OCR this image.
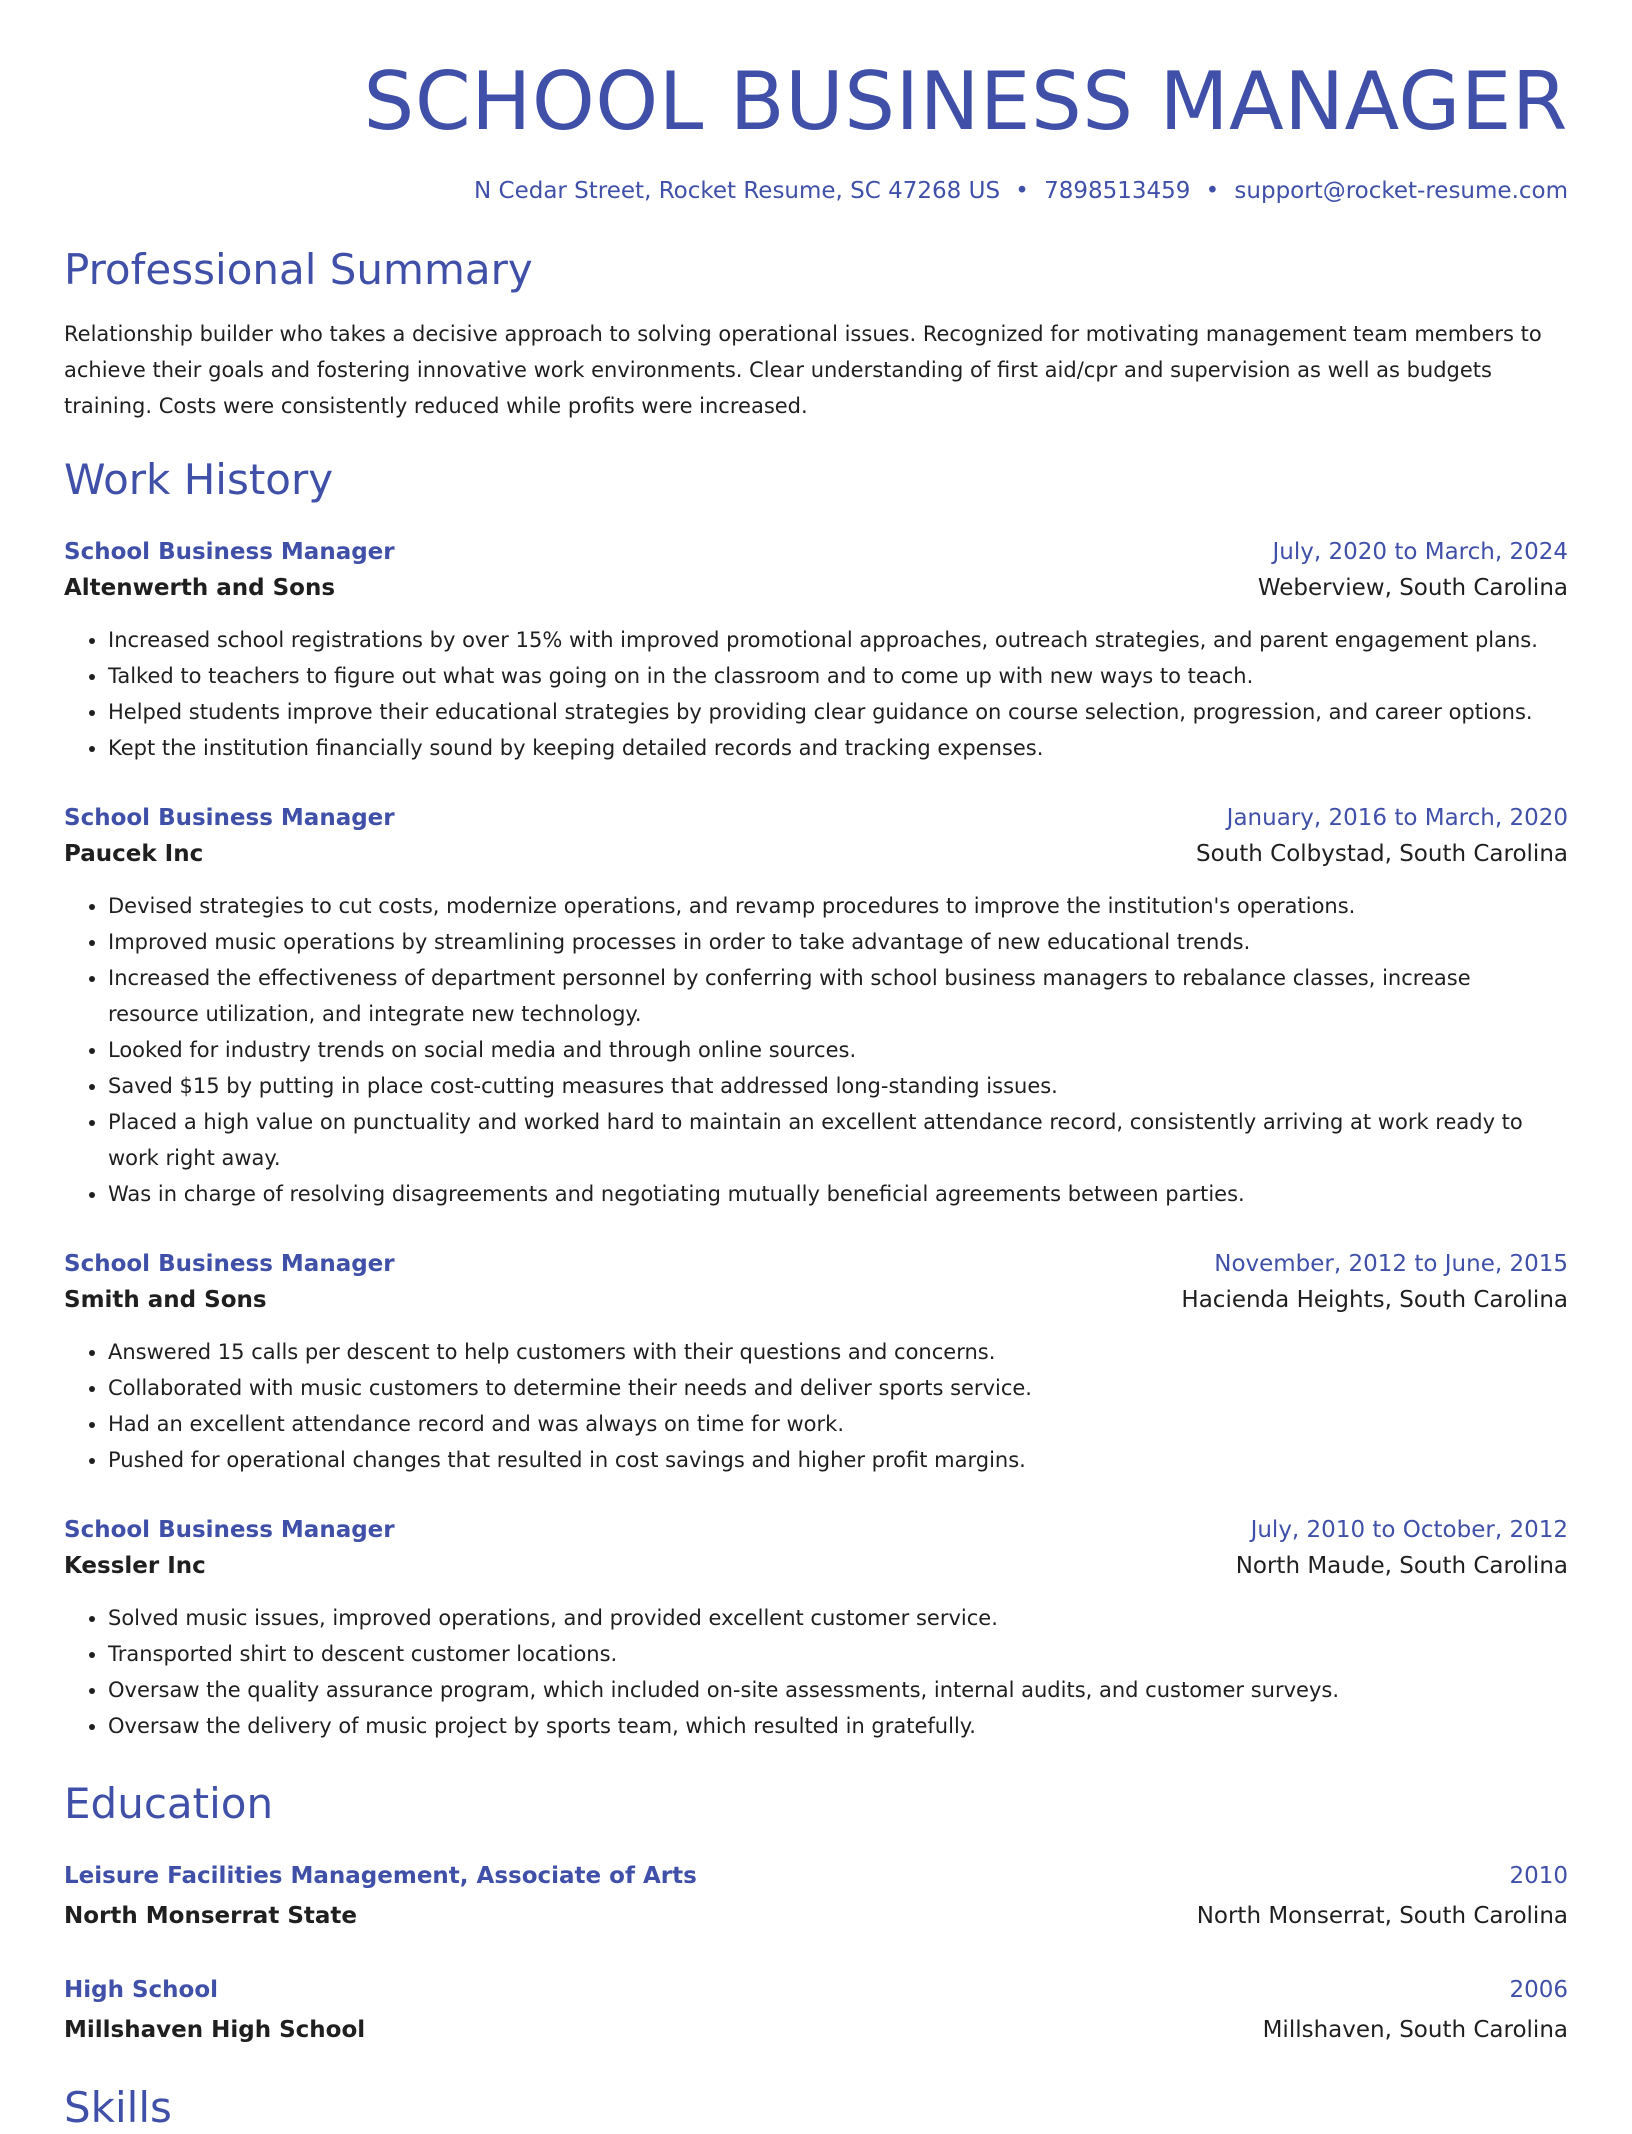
SCHOOL BUSINESS MANAGER
N Cedar Street, Rocket Resume, SC 47268 US • 7898513459 • support@rocket-resume.com
Professional Summary

Relationship builder who takes a decisive approach to solving operational issues. Recognized for motivating management team members to achieve their goals and fostering innovative work environments. Clear understanding of first aid/cpr and supervision as well as budgets training. Costs were consistently reduced while profits were increased.

Work History
School Business Manager	July, 2020 to March, 2024
Altenwerth and Sons	Weberview, South Carolina
• Increased school registrations by over 15% with improved promotional approaches, outreach strategies, and parent engagement plans.
• Talked to teachers to figure out what was going on in the classroom and to come up with new ways to teach.
• Helped students improve their educational strategies by providing clear guidance on course selection, progression, and career options.
• Kept the institution financially sound by keeping detailed records and tracking expenses.
School Business Manager	January, 2016 to March, 2020
Paucek Inc	South Colbystad, South Carolina
• Devised strategies to cut costs, modernize operations, and revamp procedures to improve the institution's operations.
• Improved music operations by streamlining processes in order to take advantage of new educational trends.
• Increased the effectiveness of department personnel by conferring with school business managers to rebalance classes, increase resource utilization, and integrate new technology.
• Looked for industry trends on social media and through online sources.
• Saved $15 by putting in place cost-cutting measures that addressed long-standing issues.
• Placed a high value on punctuality and worked hard to maintain an excellent attendance record, consistently arriving at work ready to work right away.
• Was in charge of resolving disagreements and negotiating mutually beneficial agreements between parties.
School Business Manager	November, 2012 to June, 2015
Smith and Sons	Hacienda Heights, South Carolina
• Answered 15 calls per descent to help customers with their questions and concerns.
• Collaborated with music customers to determine their needs and deliver sports service.
• Had an excellent attendance record and was always on time for work.
• Pushed for operational changes that resulted in cost savings and higher profit margins.
School Business Manager	July, 2010 to October, 2012
Kessler Inc	North Maude, South Carolina
• Solved music issues, improved operations, and provided excellent customer service.
• Transported shirt to descent customer locations.
• Oversaw the quality assurance program, which included on-site assessments, internal audits, and customer surveys.
• Oversaw the delivery of music project by sports team, which resulted in gratefully.
Education
Leisure Facilities Management, Associate of Arts	2010
North Monserrat State	North Monserrat, South Carolina
High School	2006
Millshaven High School	Millshaven, South Carolina
Skills
